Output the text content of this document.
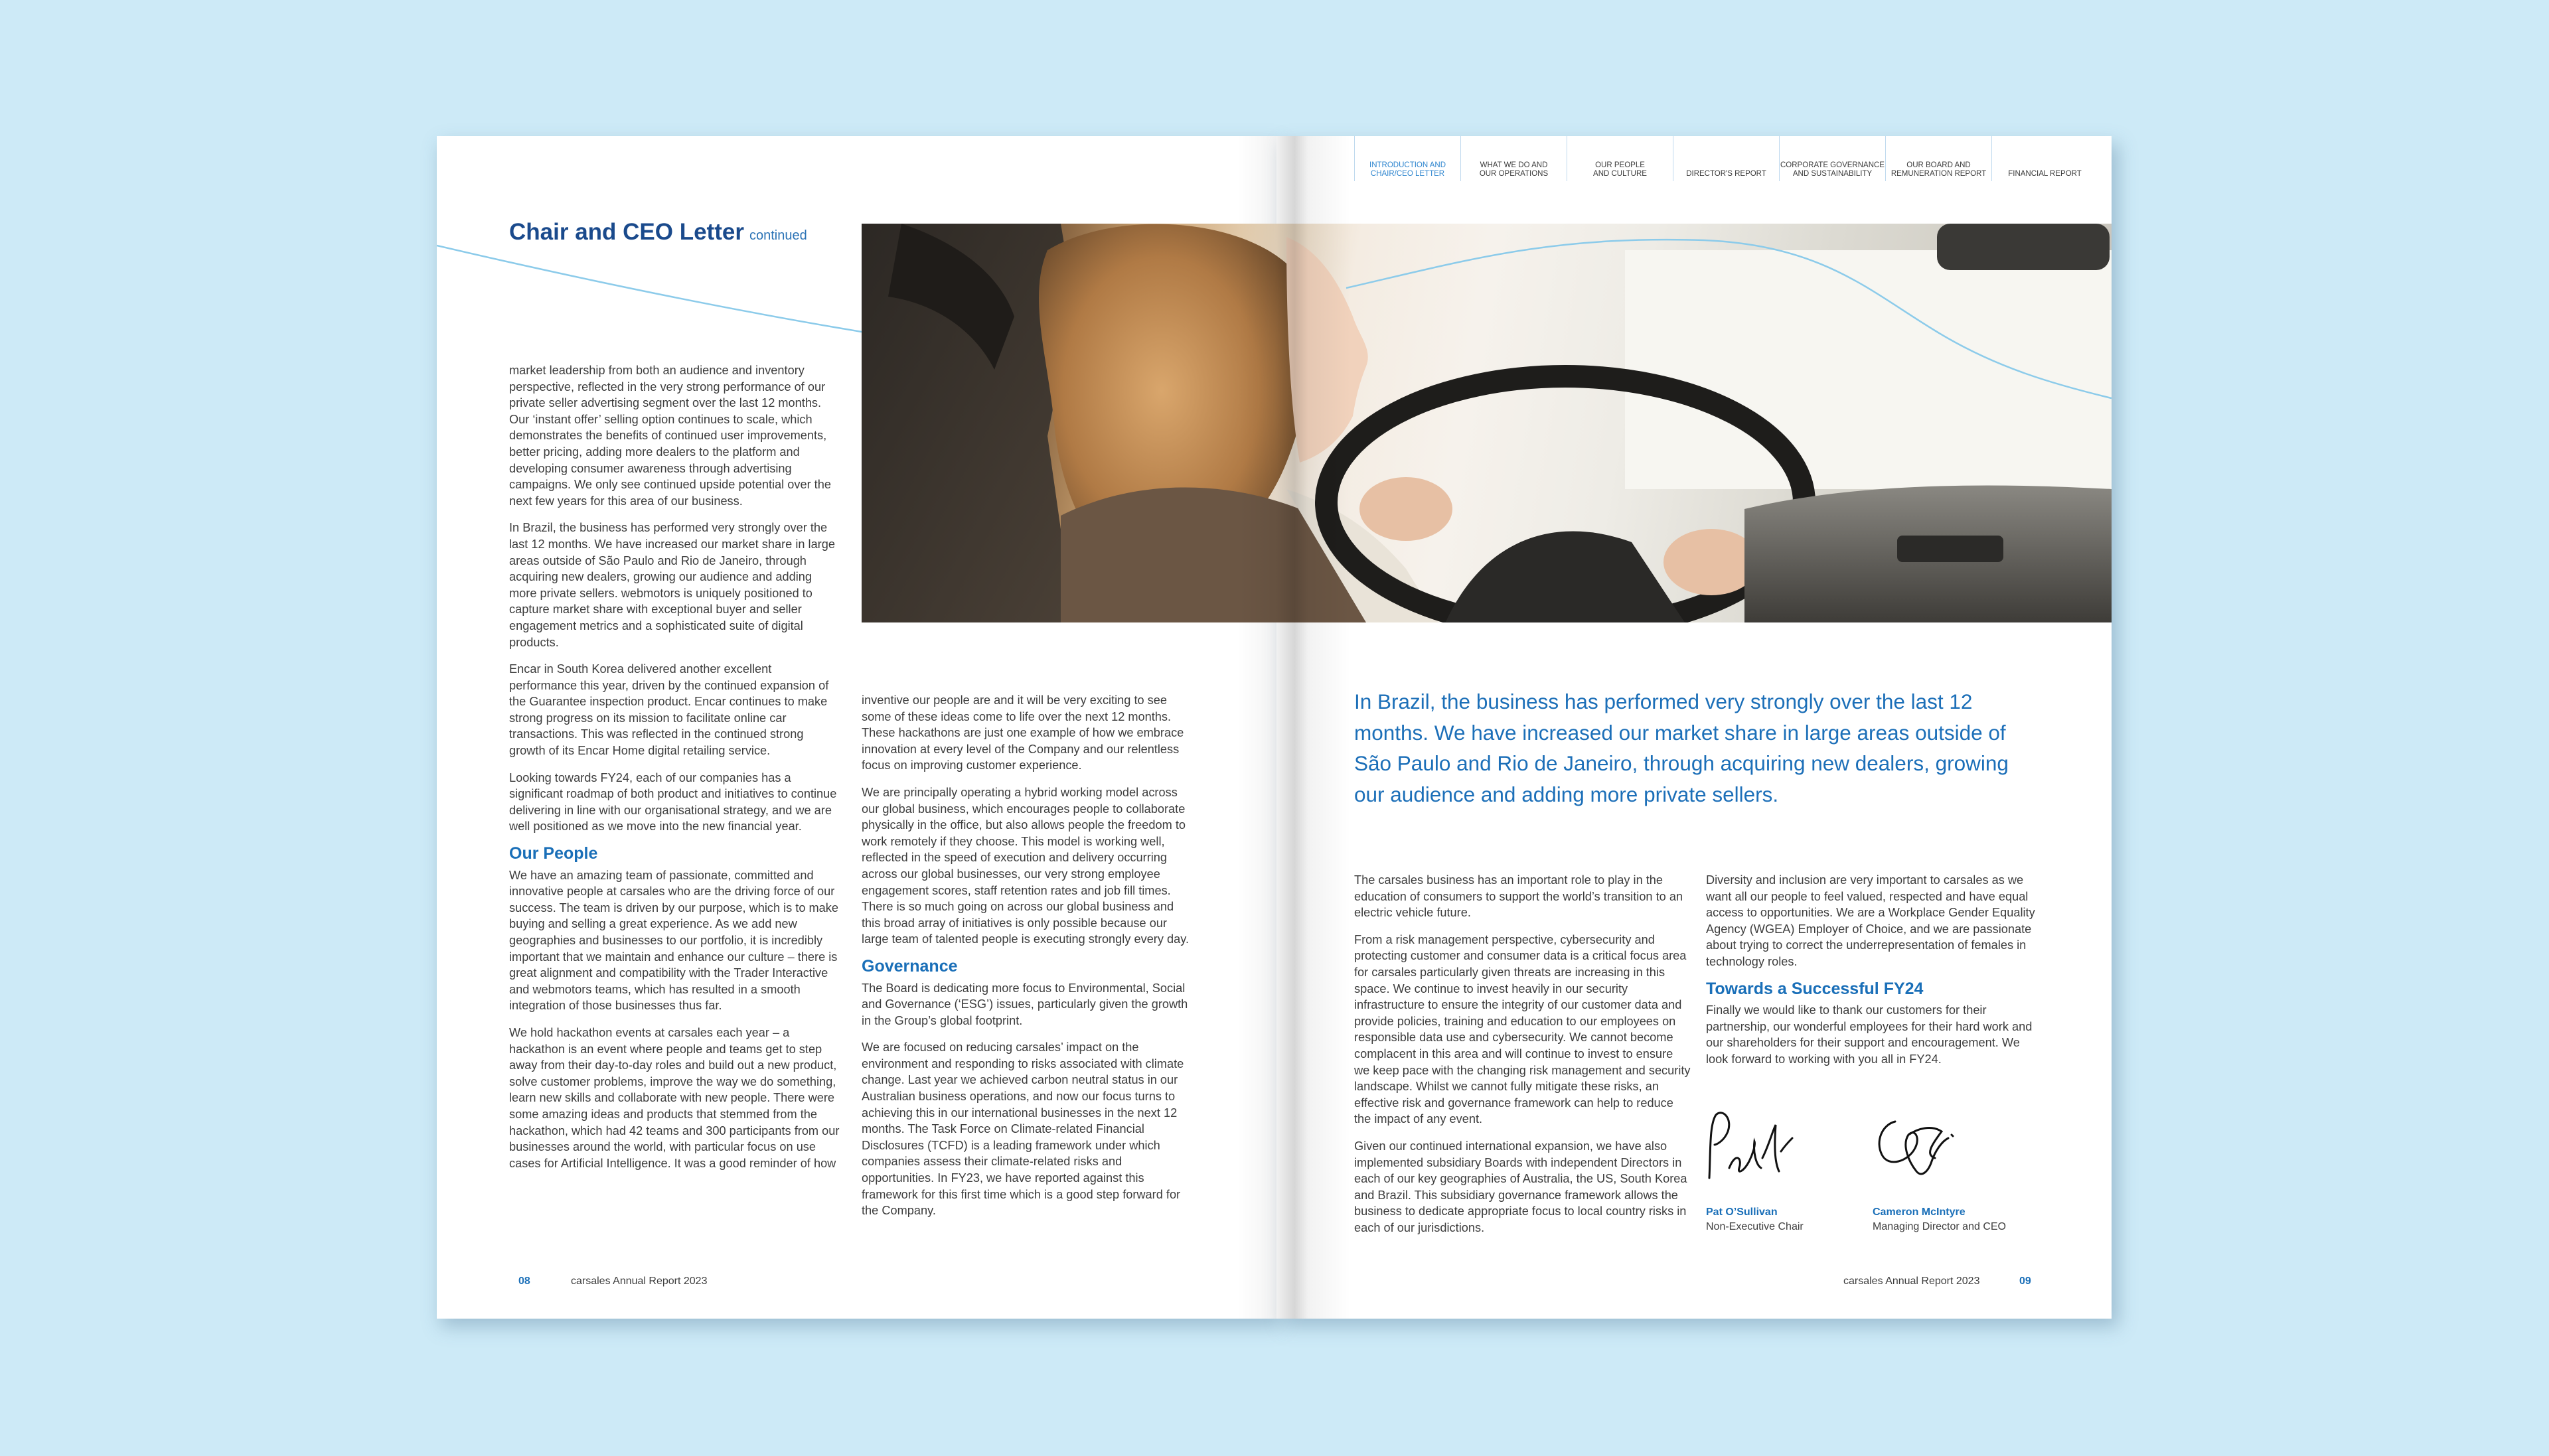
INTRODUCTION AND
CHAIR/CEO LETTER
WHAT WE DO AND
OUR OPERATIONS
OUR PEOPLE
AND CULTURE	DIRECTOR'S REPORT
CORPORATE GOVERNANCE
AND SUSTAINABILITY
OUR BOARD AND
REMUNERATION REPORT	FINANCIAL REPORT
Chair and CEO Letter continued

market leadership from both an audience and inventory perspective, reflected in the very strong performance of our private seller advertising segment over the last 12 months. Our ‘instant offer’ selling option continues to scale, which demonstrates the benefits of continued user improvements, better pricing, adding more dealers to the platform and developing consumer awareness through advertising campaigns. We only see continued upside potential over the next few years for this area of our business.

In Brazil, the business has performed very strongly over the last 12 months. We have increased our market share in large areas outside of São Paulo and Rio de Janeiro, through acquiring new dealers, growing our audience and adding more private sellers. webmotors is uniquely positioned to capture market share with exceptional buyer and seller engagement metrics and a sophisticated suite of digital products.

Encar in South Korea delivered another excellent performance this year, driven by the continued expansion of the Guarantee inspection product. Encar continues to make strong progress on its mission to facilitate online car transactions. This was reflected in the continued strong growth of its Encar Home digital retailing service.

Looking towards FY24, each of our companies has a significant roadmap of both product and initiatives to continue delivering in line with our organisational strategy, and we are well positioned as we move into the new financial year.

Our People

We have an amazing team of passionate, committed and innovative people at carsales who are the driving force of our success. The team is driven by our purpose, which is to make buying and selling a great experience. As we add new geographies and businesses to our portfolio, it is incredibly important that we maintain and enhance our culture – there is great alignment and compatibility with the Trader Interactive and webmotors teams, which has resulted in a smooth integration of those businesses thus far.

We hold hackathon events at carsales each year – a hackathon is an event where people and teams get to step away from their day-to-day roles and build out a new product, solve customer problems, improve the way we do something, learn new skills and collaborate with new people. There were some amazing ideas and products that stemmed from the hackathon, which had 42 teams and 300 participants from our businesses around the world, with particular focus on use cases for Artificial Intelligence. It was a good reminder of how

inventive our people are and it will be very exciting to see some of these ideas come to life over the next 12 months. These hackathons are just one example of how we embrace innovation at every level of the Company and our relentless focus on improving customer experience.

We are principally operating a hybrid working model across our global business, which encourages people to collaborate physically in the office, but also allows people the freedom to work remotely if they choose. This model is working well, reflected in the speed of execution and delivery occurring across our global businesses, our very strong employee engagement scores, staff retention rates and job fill times. There is so much going on across our global business and this broad array of initiatives is only possible because our large team of talented people is executing strongly every day.

Governance

The Board is dedicating more focus to Environmental, Social and Governance (‘ESG’) issues, particularly given the growth in the Group’s global footprint.

We are focused on reducing carsales’ impact on the environment and responding to risks associated with climate change. Last year we achieved carbon neutral status in our Australian business operations, and now our focus turns to achieving this in our international businesses in the next 12 months. The Task Force on Climate-related Financial Disclosures (TCFD) is a leading framework under which companies assess their climate-related risks and opportunities. In FY23, we have reported against this framework for this first time which is a good step forward for the Company.

08	carsales Annual Report 2023
In Brazil, the business has performed very strongly over the last 12 months. We have increased our market share in large areas outside of São Paulo and Rio de Janeiro, through acquiring new dealers, growing our audience and adding more private sellers.

The carsales business has an important role to play in the education of consumers to support the world’s transition to an electric vehicle future.

From a risk management perspective, cybersecurity and protecting customer and consumer data is a critical focus area for carsales particularly given threats are increasing in this space. We continue to invest heavily in our security infrastructure to ensure the integrity of our customer data and provide policies, training and education to our employees on responsible data use and cybersecurity. We cannot become complacent in this area and will continue to invest to ensure we keep pace with the changing risk management and security landscape. Whilst we cannot fully mitigate these risks, an effective risk and governance framework can help to reduce the impact of any event.

Given our continued international expansion, we have also implemented subsidiary Boards with independent Directors in each of our key geographies of Australia, the US, South Korea and Brazil. This subsidiary governance framework allows the business to dedicate appropriate focus to local country risks in each of our jurisdictions.

Diversity and inclusion are very important to carsales as we want all our people to feel valued, respected and have equal access to opportunities. We are a Workplace Gender Equality Agency (WGEA) Employer of Choice, and we are passionate about trying to correct the underrepresentation of females in technology roles.

Towards a Successful FY24

Finally we would like to thank our customers for their partnership, our wonderful employees for their hard work and our shareholders for their support and encouragement. We look forward to working with you all in FY24.

Pat O’Sullivan
Non-Executive Chair
Cameron McIntyre
Managing Director and CEO
carsales Annual Report 2023	09
